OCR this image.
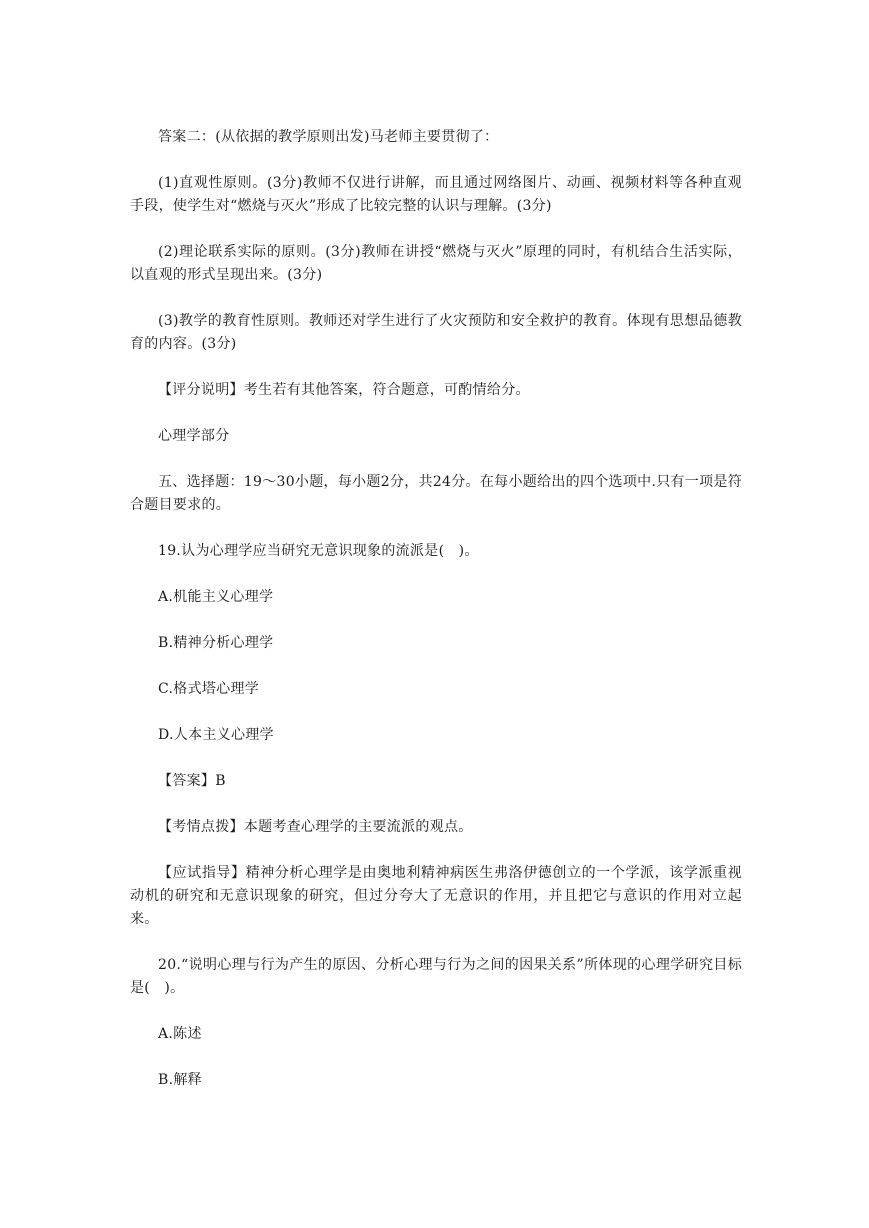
答案二：(从依据的教学原则出发)马老师主要贯彻了：

(1)直观性原则。(3分)教师不仅进行讲解，而且通过网络图片、动画、视频材料等各种直观手段，使学生对“燃烧与灭火”形成了比较完整的认识与理解。(3分)

(2)理论联系实际的原则。(3分)教师在讲授“燃烧与灭火”原理的同时，有机结合生活实际，以直观的形式呈现出来。(3分)

(3)教学的教育性原则。教师还对学生进行了火灾预防和安全救护的教育。体现有思想品德教育的内容。(3分)

【评分说明】考生若有其他答案，符合题意，可酌情给分。

心理学部分

五、选择题：19～30小题，每小题2分，共24分。在每小题给出的四个选项中.只有一项是符合题目要求的。

19.认为心理学应当研究无意识现象的流派是(　)。

A.机能主义心理学

B.精神分析心理学

C.格式塔心理学

D.人本主义心理学

【答案】B

【考情点拨】本题考查心理学的主要流派的观点。

【应试指导】精神分析心理学是由奥地利精神病医生弗洛伊德创立的一个学派，该学派重视动机的研究和无意识现象的研究，但过分夸大了无意识的作用，并且把它与意识的作用对立起来。

20.“说明心理与行为产生的原因、分析心理与行为之间的因果关系”所体现的心理学研究目标是(　)。

A.陈述

B.解释
